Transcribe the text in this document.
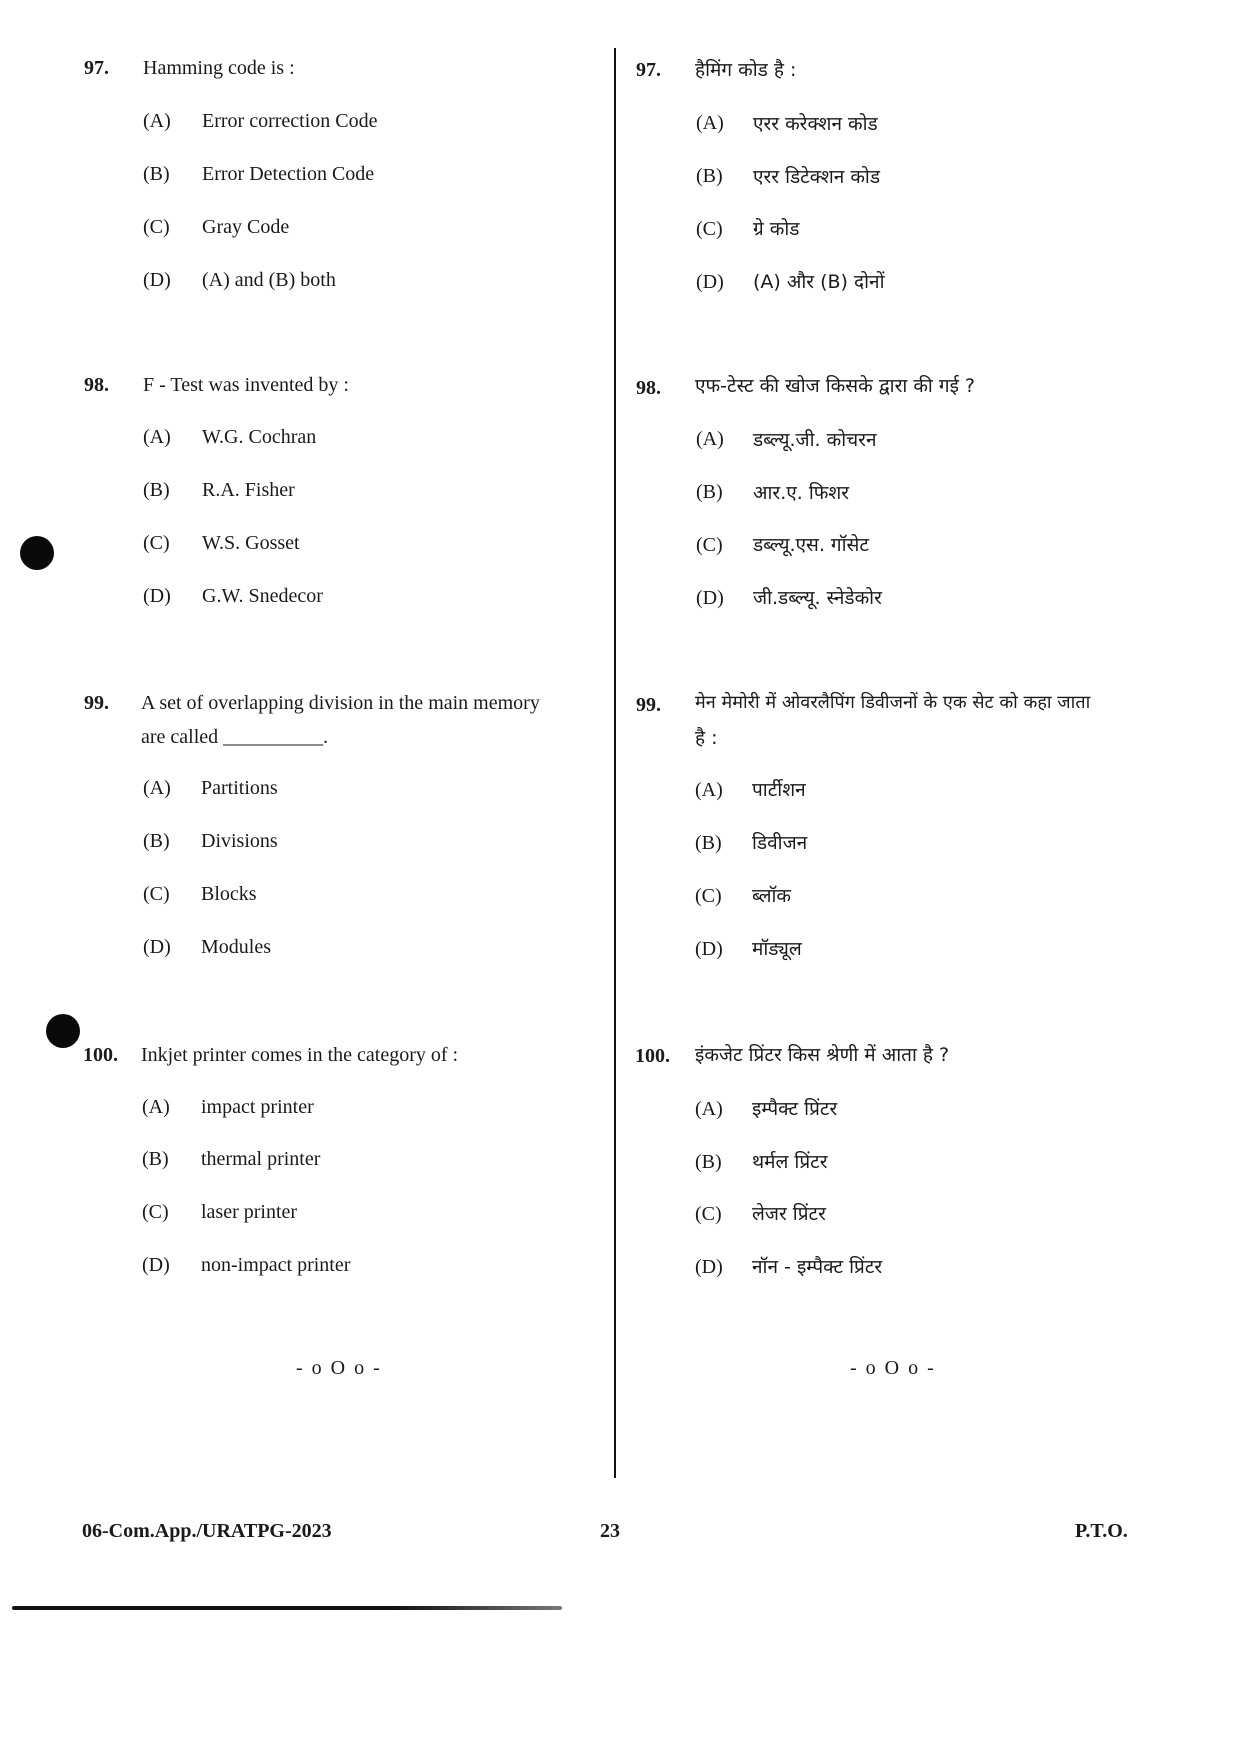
97. Hamming code is :
(A) Error correction Code
(B) Error Detection Code
(C) Gray Code
(D) (A) and (B) both
98. F - Test was invented by :
(A) W.G. Cochran
(B) R.A. Fisher
(C) W.S. Gosset
(D) G.W. Snedecor
99. A set of overlapping division in the main memory
are called __________.
(A) Partitions
(B) Divisions
(C) Blocks
(D) Modules
100. Inkjet printer comes in the category of :
(A) impact printer
(B) thermal printer
(C) laser printer
(D) non-impact printer
- o O o -
97. हैमिंग कोड है :
(A) एरर करेक्शन कोड
(B) एरर डिटेक्शन कोड
(C) ग्रे कोड
(D) (A) और (B) दोनों
98. एफ-टेस्ट की खोज किसके द्वारा की गई ?
(A) डब्ल्यू.जी. कोचरन
(B) आर.ए. फिशर
(C) डब्ल्यू.एस. गॉसेट
(D) जी.डब्ल्यू. स्नेडेकोर
99. मेन मेमोरी में ओवरलैपिंग डिवीजनों के एक सेट को कहा जाता
है :
(A) पार्टीशन
(B) डिवीजन
(C) ब्लॉक
(D) मॉड्यूल
100. इंकजेट प्रिंटर किस श्रेणी में आता है ?
(A) इम्पैक्ट प्रिंटर
(B) थर्मल प्रिंटर
(C) लेजर प्रिंटर
(D) नॉन - इम्पैक्ट प्रिंटर
- o O o -
06-Com.App./URATPG-2023	23	P.T.O.
